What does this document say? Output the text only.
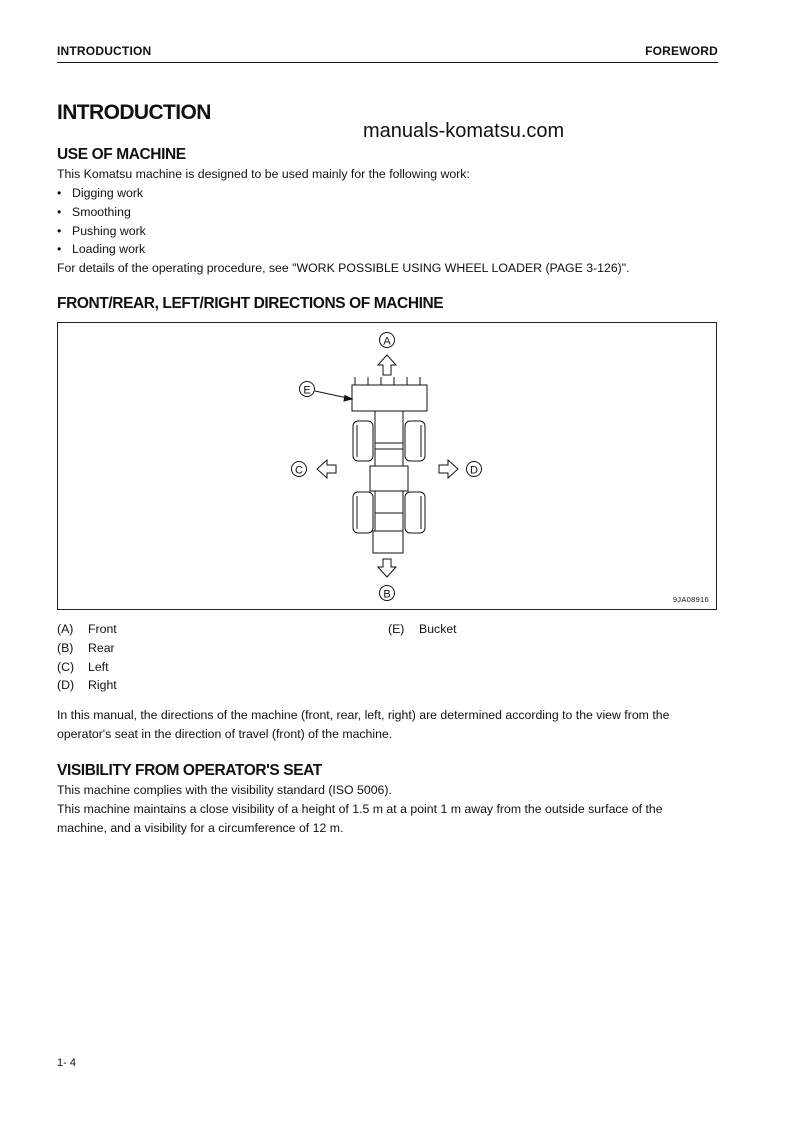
INTRODUCTION	FOREWORD
INTRODUCTION
manuals-komatsu.com
USE OF MACHINE

This Komatsu machine is designed to be used mainly for the following work:

• Digging work
• Smoothing
• Pushing work
• Loading work

For details of the operating procedure, see "WORK POSSIBLE USING WHEEL LOADER (PAGE 3-126)".

FRONT/REAR, LEFT/RIGHT DIRECTIONS OF MACHINE
A
E
B
C	D
9JA08916
(A)	Front
(B)	Rear
(C)	Left
(D)	Right
(E)	Bucket

In this manual, the directions of the machine (front, rear, left, right) are determined according to the view from the

operator's seat in the direction of travel (front) of the machine.

VISIBILITY FROM OPERATOR'S SEAT

This machine complies with the visibility standard (ISO 5006).

This machine maintains a close visibility of a height of 1.5 m at a point 1 m away from the outside surface of the

machine, and a visibility for a circumference of 12 m.

1- 4
